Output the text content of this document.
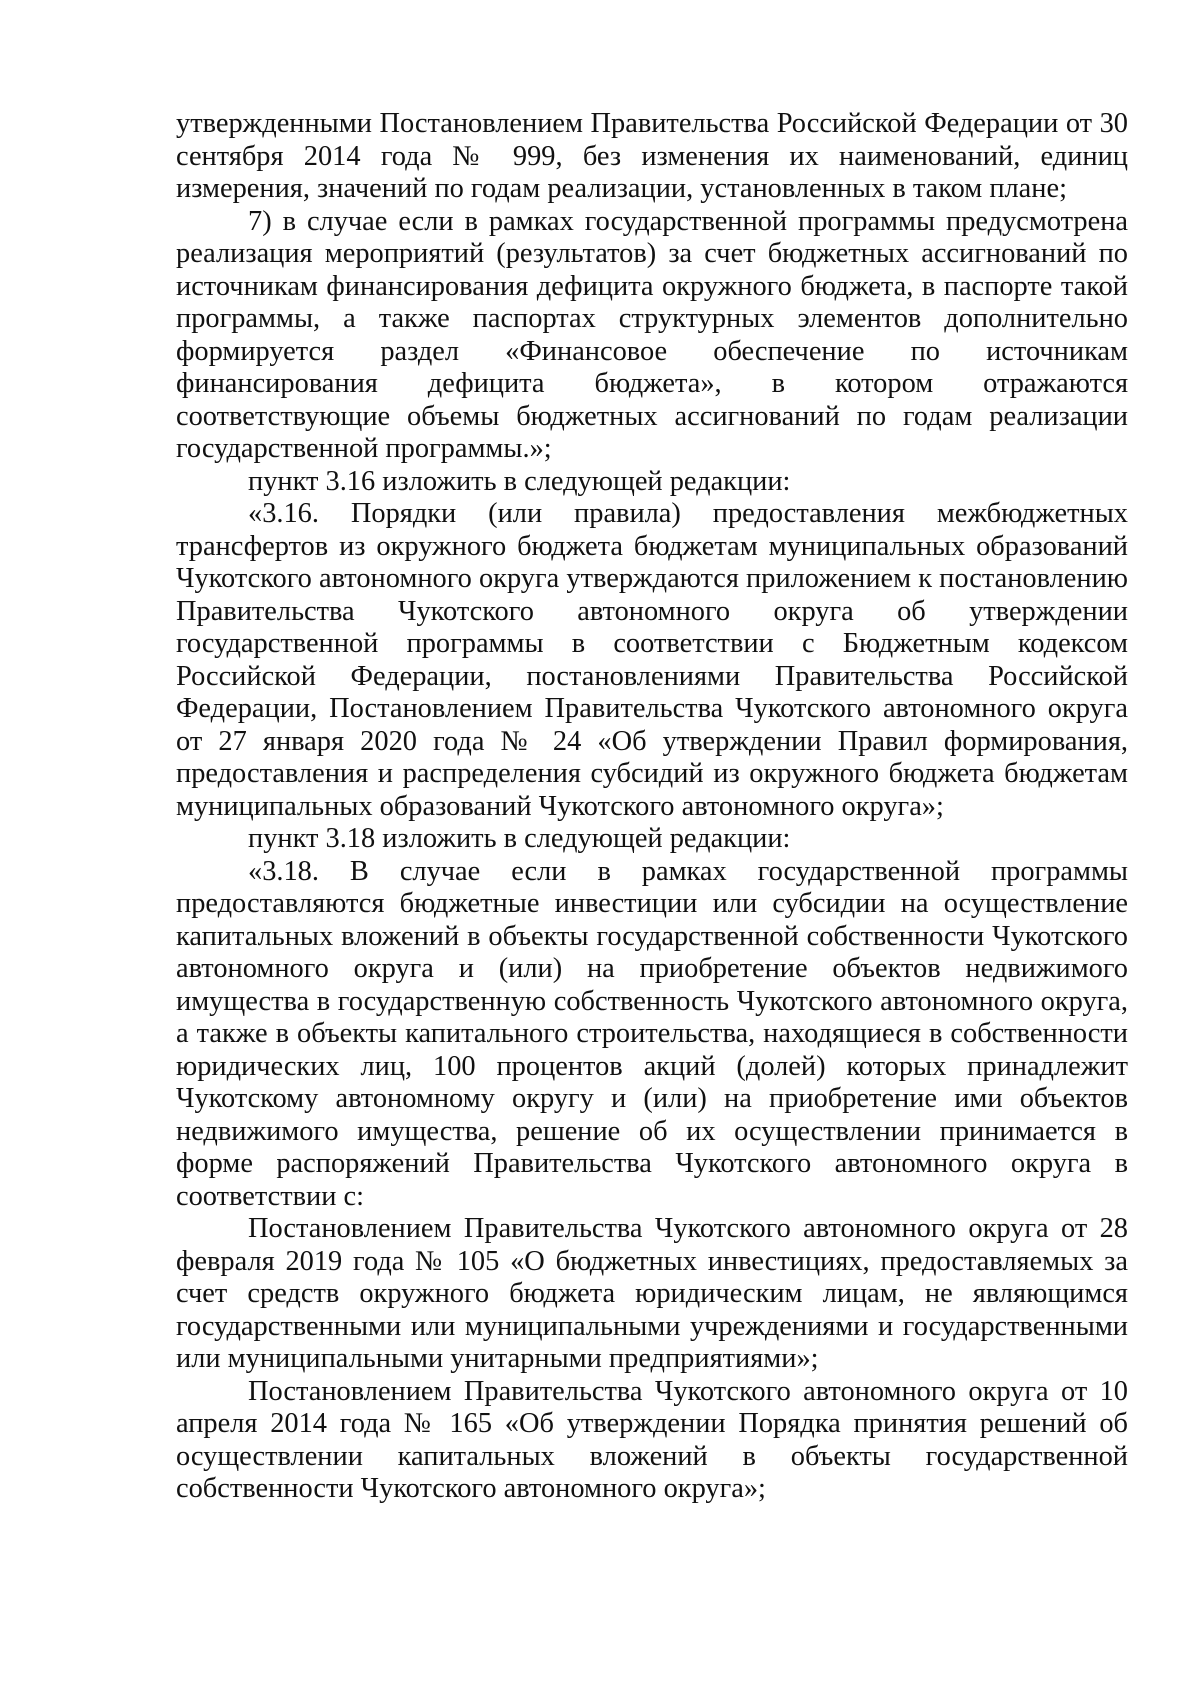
утвержденными Постановлением Правительства Российской Федерации от 30 сентября 2014 года № 999, без изменения их наименований, единиц измерения, значений по годам реализации, установленных в таком плане;

7) в случае если в рамках государственной программы предусмотрена реализация мероприятий (результатов) за счет бюджетных ассигнований по источникам финансирования дефицита окружного бюджета, в паспорте такой программы, а также паспортах структурных элементов дополнительно формируется раздел «Финансовое обеспечение по источникам финансирования дефицита бюджета», в котором отражаются соответствующие объемы бюджетных ассигнований по годам реализации государственной программы.»;

пункт 3.16 изложить в следующей редакции:

«3.16. Порядки (или правила) предоставления межбюджетных трансфертов из окружного бюджета бюджетам муниципальных образований Чукотского автономного округа утверждаются приложением к постановлению Правительства Чукотского автономного округа об утверждении государственной программы в соответствии с Бюджетным кодексом Российской Федерации, постановлениями Правительства Российской Федерации, Постановлением Правительства Чукотского автономного округа от 27 января 2020 года № 24 «Об утверждении Правил формирования, предоставления и распределения субсидий из окружного бюджета бюджетам муниципальных образований Чукотского автономного округа»;

пункт 3.18 изложить в следующей редакции:

«3.18. В случае если в рамках государственной программы предоставляются бюджетные инвестиции или субсидии на осуществление капитальных вложений в объекты государственной собственности Чукотского автономного округа и (или) на приобретение объектов недвижимого имущества в государственную собственность Чукотского автономного округа, а также в объекты капитального строительства, находящиеся в собственности юридических лиц, 100 процентов акций (долей) которых принадлежит Чукотскому автономному округу и (или) на приобретение ими объектов недвижимого имущества, решение об их осуществлении принимается в форме распоряжений Правительства Чукотского автономного округа в соответствии с:

Постановлением Правительства Чукотского автономного округа от 28 февраля 2019 года № 105 «О бюджетных инвестициях, предоставляемых за счет средств окружного бюджета юридическим лицам, не являющимся государственными или муниципальными учреждениями и государственными или муниципальными унитарными предприятиями»;

Постановлением Правительства Чукотского автономного округа от 10 апреля 2014 года № 165 «Об утверждении Порядка принятия решений об осуществлении капитальных вложений в объекты государственной собственности Чукотского автономного округа»;
